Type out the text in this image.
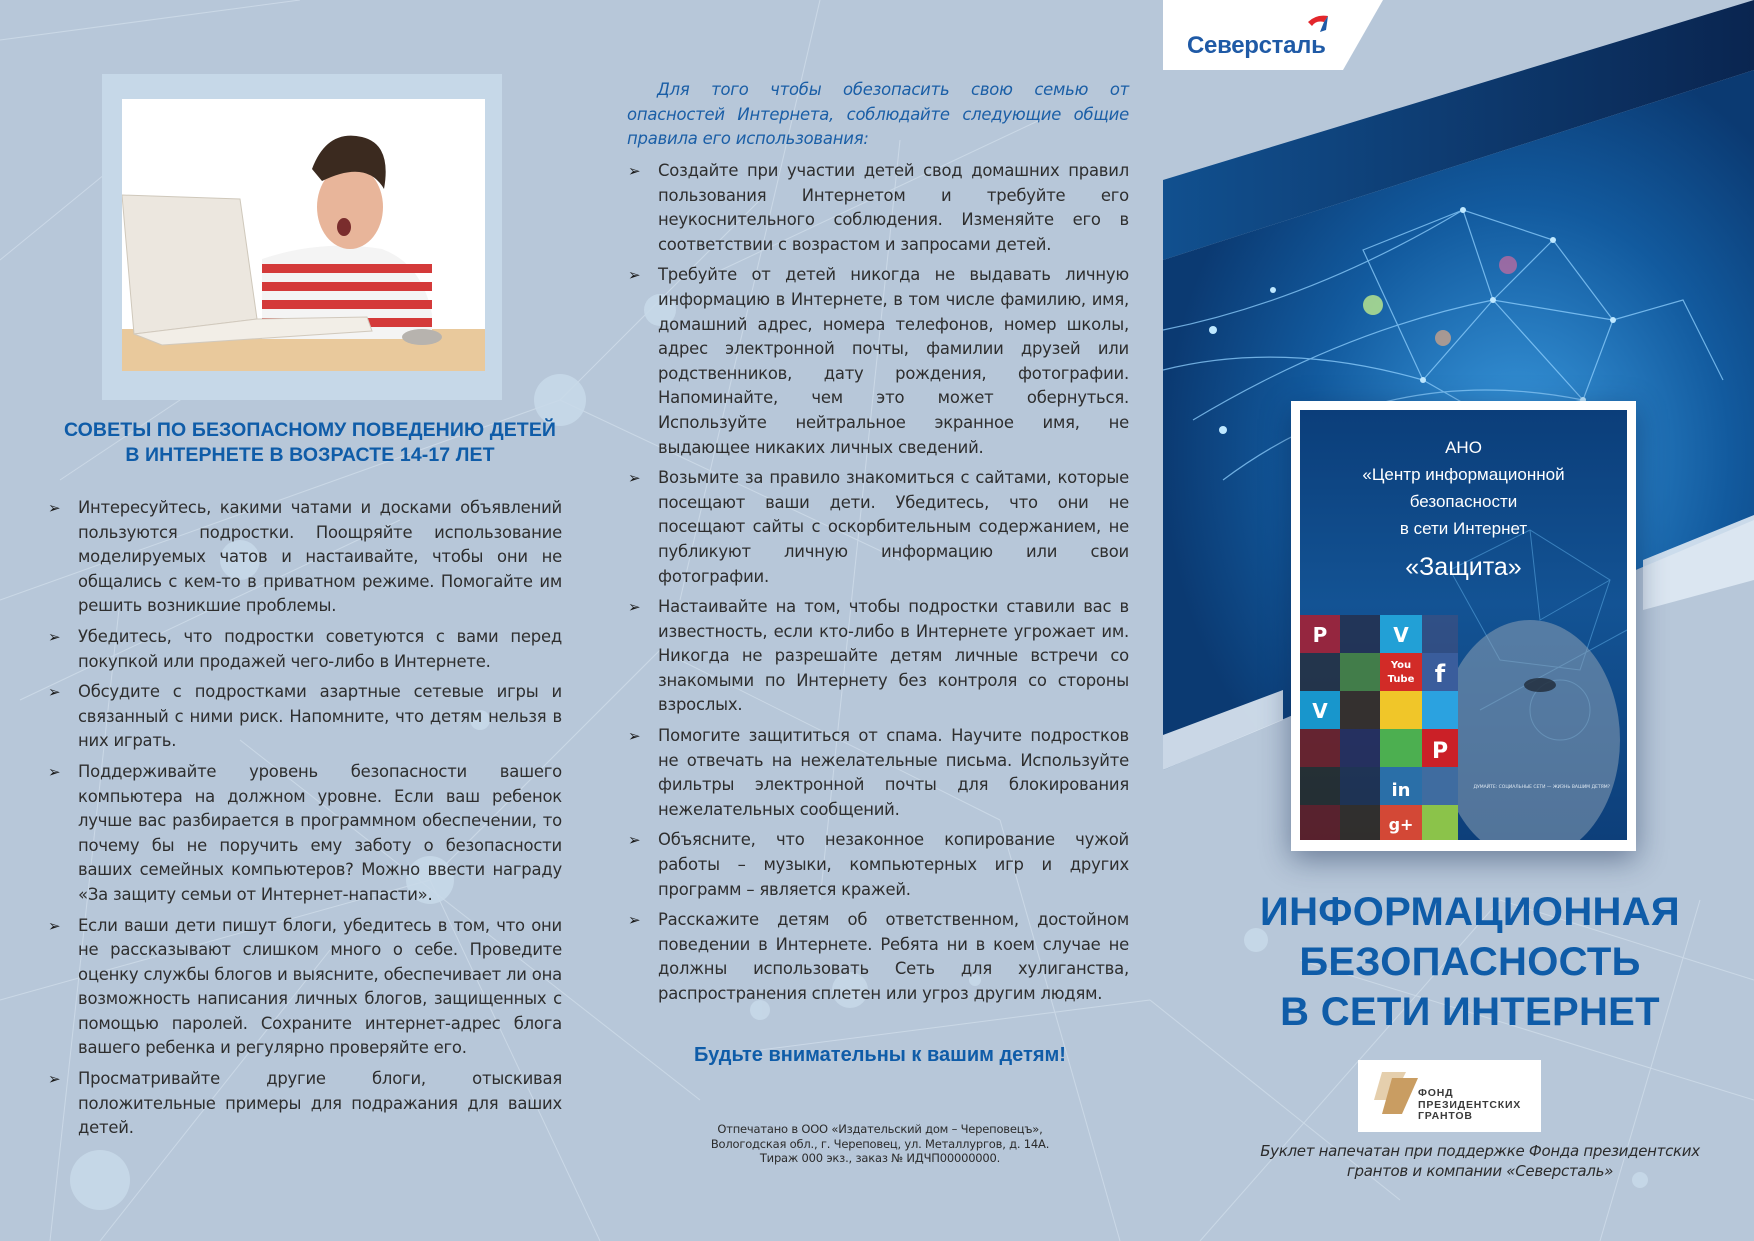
СОВЕТЫ ПО БЕЗОПАСНОМУ ПОВЕДЕНИЮ ДЕТЕЙ
В ИНТЕРНЕТЕ В ВОЗРАСТЕ 14-17 ЛЕТ
➢ Интересуйтесь, какими чатами и досками объявлений пользуются подростки. Поощряйте использование моделируемых чатов и настаивайте, чтобы они не общались с кем-то в приватном режиме. Помогайте им решить возникшие проблемы.
➢ Убедитесь, что подростки советуются с вами перед покупкой или продажей чего-либо в Интернете.
➢ Обсудите с подростками азартные сетевые игры и связанный с ними риск. Напомните, что детям нельзя в них играть.
➢ Поддерживайте уровень безопасности вашего компьютера на должном уровне. Если ваш ребенок лучше вас разбирается в программном обеспечении, то почему бы не поручить ему заботу о безопасности ваших семейных компьютеров? Можно ввести награду «За защиту семьи от Интернет-напасти».
➢ Если ваши дети пишут блоги, убедитесь в том, что они не рассказывают слишком много о себе. Проведите оценку службы блогов и выясните, обеспечивает ли она возможность написания личных блогов, защищенных с помощью паролей. Сохраните интернет-адрес блога вашего ребенка и регулярно проверяйте его.
➢ Просматривайте другие блоги, отыскивая положительные примеры для подражания для ваших детей.

Для того чтобы обезопасить свою семью от опасностей Интернета, соблюдайте следующие общие правила его использования:

➢ Создайте при участии детей свод домашних правил пользования Интернетом и требуйте его неукоснительного соблюдения. Изменяйте его в соответствии с возрастом и запросами детей.
➢ Требуйте от детей никогда не выдавать личную информацию в Интернете, в том числе фамилию, имя, домашний адрес, номера телефонов, номер школы, адрес электронной почты, фамилии друзей или родственников, дату рождения, фотографии. Напоминайте, чем это может обернуться. Используйте нейтральное экранное имя, не выдающее никаких личных сведений.
➢ Возьмите за правило знакомиться с сайтами, которые посещают ваши дети. Убедитесь, что они не посещают сайты с оскорбительным содержанием, не публикуют личную информацию или свои фотографии.
➢ Настаивайте на том, чтобы подростки ставили вас в известность, если кто-либо в Интернете угрожает им. Никогда не разрешайте детям личные встречи со знакомыми по Интернету без контроля со стороны взрослых.
➢ Помогите защититься от спама. Научите подростков не отвечать на нежелательные письма. Используйте фильтры электронной почты для блокирования нежелательных сообщений.
➢ Объясните, что незаконное копирование чужой работы – музыки, компьютерных игр и других программ – является кражей.
➢ Расскажите детям об ответственном, достойном поведении в Интернете. Ребята ни в коем случае не должны использовать Сеть для хулиганства, распространения сплетен или угроз другим людям.
Будьте внимательны к вашим детям!
Отпечатано в ООО «Издательский дом – Череповецъ»,
Вологодская обл., г. Череповец, ул. Металлургов, д. 14А.
Тираж 000 экз., заказ № ИДЧП00000000.
Северсталь
P	V
You
Tube f
V
P
in
g+
ДУМАЙТЕ: СОЦИАЛЬНЫЕ СЕТИ — ЖИЗНЬ ВАШИМ ДЕТЯМ?
АНО
«Центр информационной
безопасности
в сети Интернет
«Защита»
ИНФОРМАЦИОННАЯ
БЕЗОПАСНОСТЬ
В СЕТИ ИНТЕРНЕТ
ФОНД
ПРЕЗИДЕНТСКИХ
ГРАНТОВ
Буклет напечатан при поддержке Фонда президентских
грантов и компании «Северсталь»
